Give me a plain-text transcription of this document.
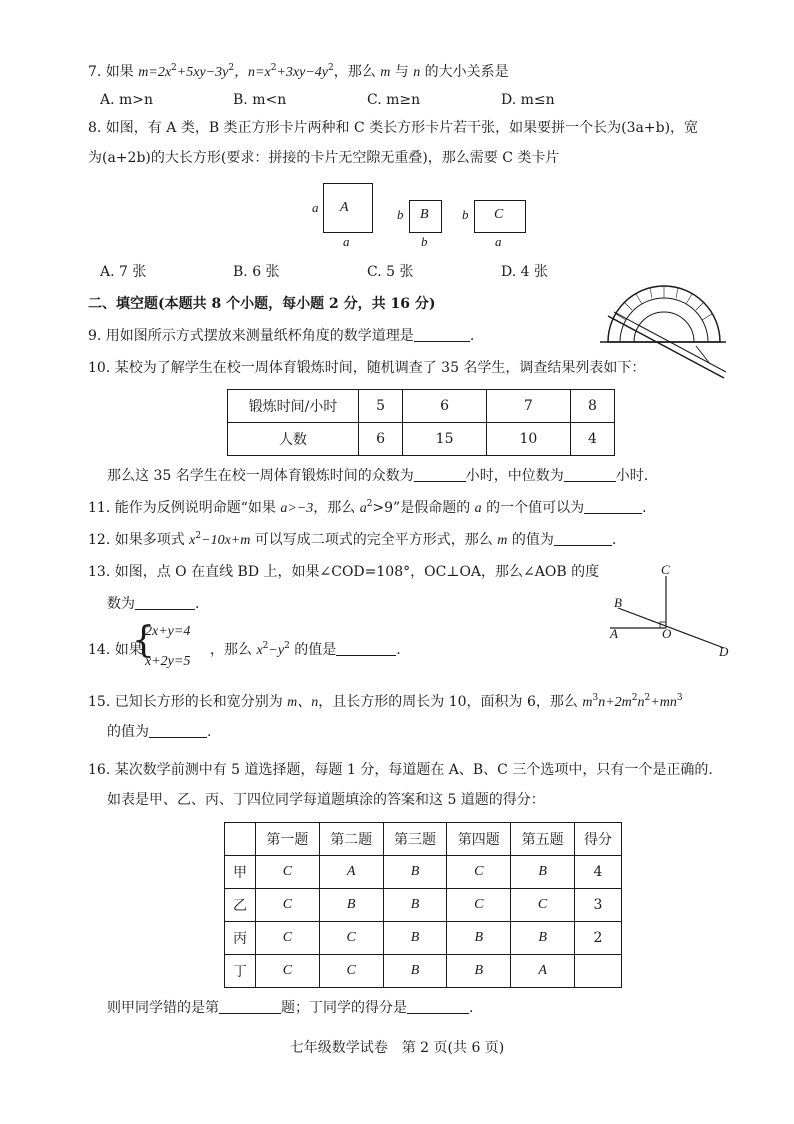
7. 如果 $m=2x^2+5xy-3y^2$，$n=x^2+3xy-4y^2$，那么 m 与 n 的大小关系是
A. m>n	B. m<n	C. m≥n	D. m≤n
8. 如图，有 A 类，B 类正方形卡片两种和 C 类长方形卡片若干张，如果要拼一个长为(3a+b)，宽
为(a+2b)的大长方形(要求：拼接的卡片无空隙无重叠)，那么需要 C 类卡片
a A
a
b B
b
b C
a
A. 7 张	B. 6 张	C. 5 张	D. 4 张
二、填空题(本题共 8 个小题，每小题 2 分，共 16 分)
9. 用如图所示方式摆放来测量纸杯角度的数学道理是	.
10. 某校为了解学生在校一周体育锻炼时间，随机调查了 35 名学生，调查结果列表如下：
锻炼时间/小时	5	6	7	8
人数	6	15	10	4
那么这 35 名学生在校一周体育锻炼时间的众数为	小时，中位数为	小时.
11. 能作为反例说明命题“如果 a>−3，那么 $a^2>9$”是假命题的 a 的一个值可以为	.
12. 如果多项式 $x^2-10x+m$ 可以写成二项式的完全平方形式，那么 m 的值为	.
13. 如图，点 O 在直线 BD 上，如果∠COD=108°，OC⊥OA，那么∠AOB 的度
数为	.
C
B
A	O
D
14. 如果
{
2x+y=4
x+2y=5
，那么 $x^2-y^2$ 的值是	.
15. 已知长方形的长和宽分别为 m、n，且长方形的周长为 10，面积为 6，那么 $m^3n+2m^2n^2+mn^3$
的值为	.
16. 某次数学前测中有 5 道选择题，每题 1 分，每道题在 A、B、C 三个选项中，只有一个是正确的.
如表是甲、乙、丙、丁四位同学每道题填涂的答案和这 5 道题的得分：
	第一题	第二题	第三题	第四题	第五题	得分
甲	C	A	B	C	B	4
乙	C	B	B	C	C	3
丙	C	C	B	B	B	2
丁	C	C	B	B	A	
则甲同学错的是第	题；丁同学的得分是	.
七年级数学试卷　第 2 页(共 6 页)
